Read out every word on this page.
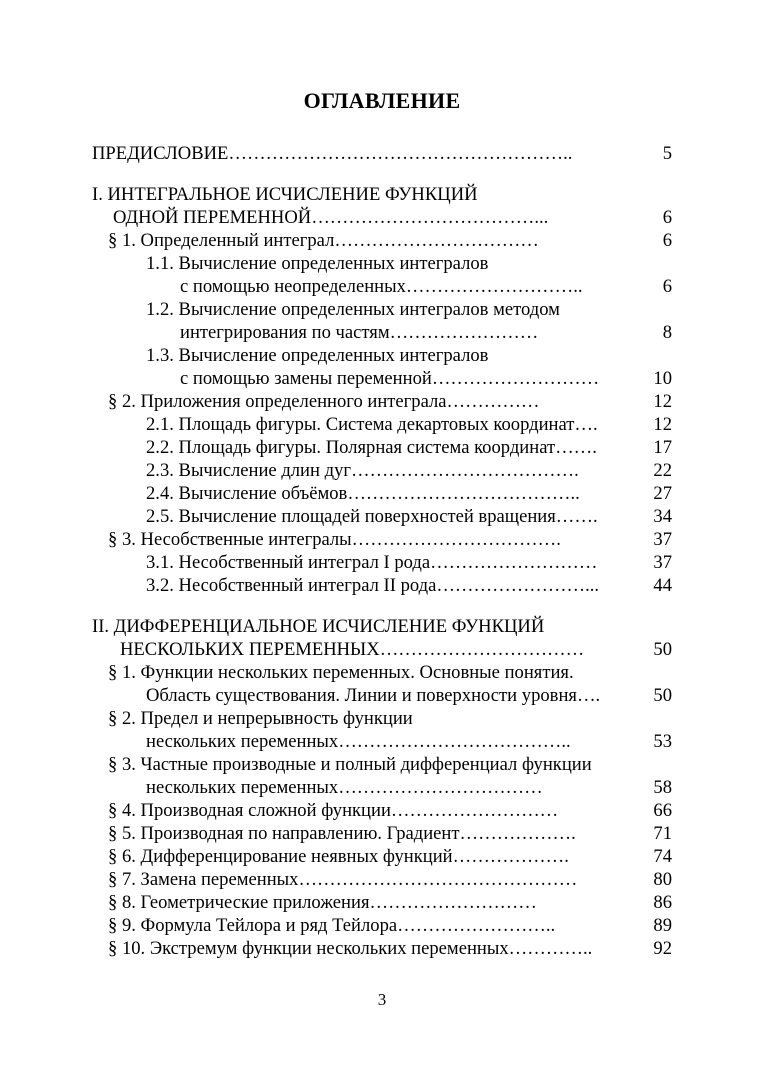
ОГЛАВЛЕНИЕ
ПРЕДИСЛОВИЕ………………………………………………..	5
I. ИНТЕГРАЛЬНОЕ ИСЧИСЛЕНИЕ ФУНКЦИЙ
ОДНОЙ ПЕРЕМЕННОЙ………………………………...	6
§ 1. Определенный интеграл……………………………	6
1.1. Вычисление определенных интегралов
с помощью неопределенных………………………..	6
1.2. Вычисление определенных интегралов методом
интегрирования по частям……………………	8
1.3. Вычисление определенных интегралов
с помощью замены переменной………………………	10
§ 2. Приложения определенного интеграла……………	12
2.1. Площадь фигуры. Система декартовых координат….	12
2.2. Площадь фигуры. Полярная система координат…….	17
2.3. Вычисление длин дуг……………………………….	22
2.4. Вычисление объёмов………………………………..	27
2.5. Вычисление площадей поверхностей вращения…….	34
§ 3. Несобственные интегралы…………………………….	37
3.1. Несобственный интеграл I рода………………………	37
3.2. Несобственный интеграл II рода……………………...	44
II. ДИФФЕРЕНЦИАЛЬНОЕ ИСЧИСЛЕНИЕ ФУНКЦИЙ
НЕСКОЛЬКИХ ПЕРЕМЕННЫХ……………………………	50
§ 1. Функции нескольких переменных. Основные понятия.
Область существования. Линии и поверхности уровня….	50
§ 2. Предел и непрерывность функции
нескольких переменных………………………………..	53
§ 3. Частные производные и полный дифференциал функции
нескольких переменных……………………………	58
§ 4. Производная сложной функции………………………	66
§ 5. Производная по направлению. Градиент……………….	71
§ 6. Дифференцирование неявных функций……………….	74
§ 7. Замена переменных………………………………………	80
§ 8. Геометрические приложения………………………	86
§ 9. Формула Тейлора и ряд Тейлора……………………..	89
§ 10. Экстремум функции нескольких переменных…………..	92
3
